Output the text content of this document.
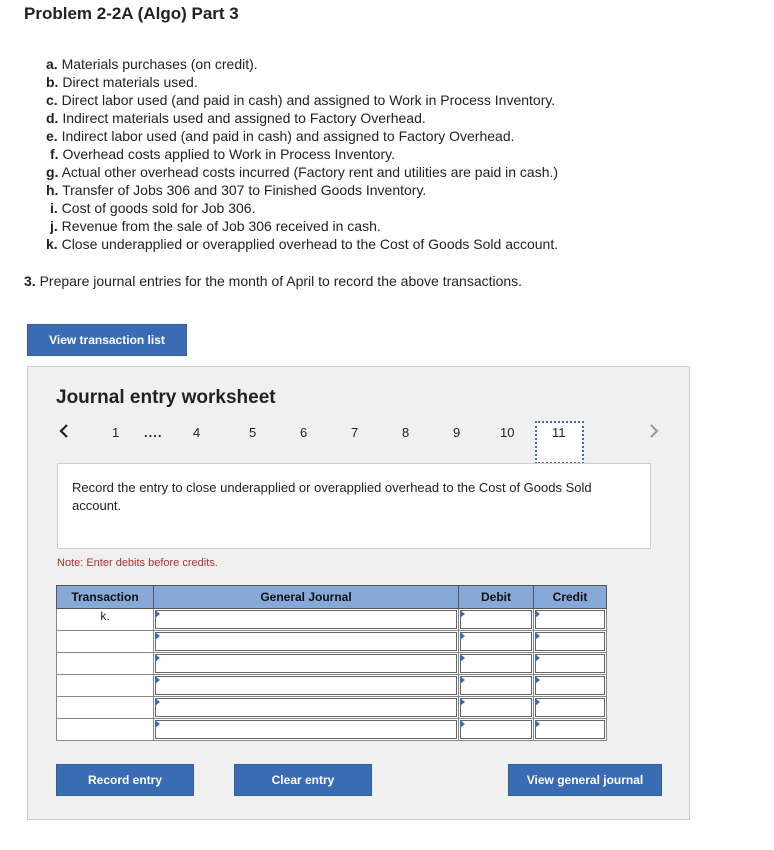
Problem 2-2A (Algo) Part 3
a. Materials purchases (on credit).
b. Direct materials used.
c. Direct labor used (and paid in cash) and assigned to Work in Process Inventory.
d. Indirect materials used and assigned to Factory Overhead.
e. Indirect labor used (and paid in cash) and assigned to Factory Overhead.
f. Overhead costs applied to Work in Process Inventory.
g. Actual other overhead costs incurred (Factory rent and utilities are paid in cash.)
h. Transfer of Jobs 306 and 307 to Finished Goods Inventory.
i. Cost of goods sold for Job 306.
j. Revenue from the sale of Job 306 received in cash.
k. Close underapplied or overapplied overhead to the Cost of Goods Sold account.
3. Prepare journal entries for the month of April to record the above transactions.
View transaction list
Journal entry worksheet
1 .... 4	5	6	7	8	9	10	11
Record the entry to close underapplied or overapplied overhead to the Cost of Goods Sold account.
Note: Enter debits before credits.
Transaction	General Journal	Debit	Credit
k.	

Record entry	Clear entry	View general journal
